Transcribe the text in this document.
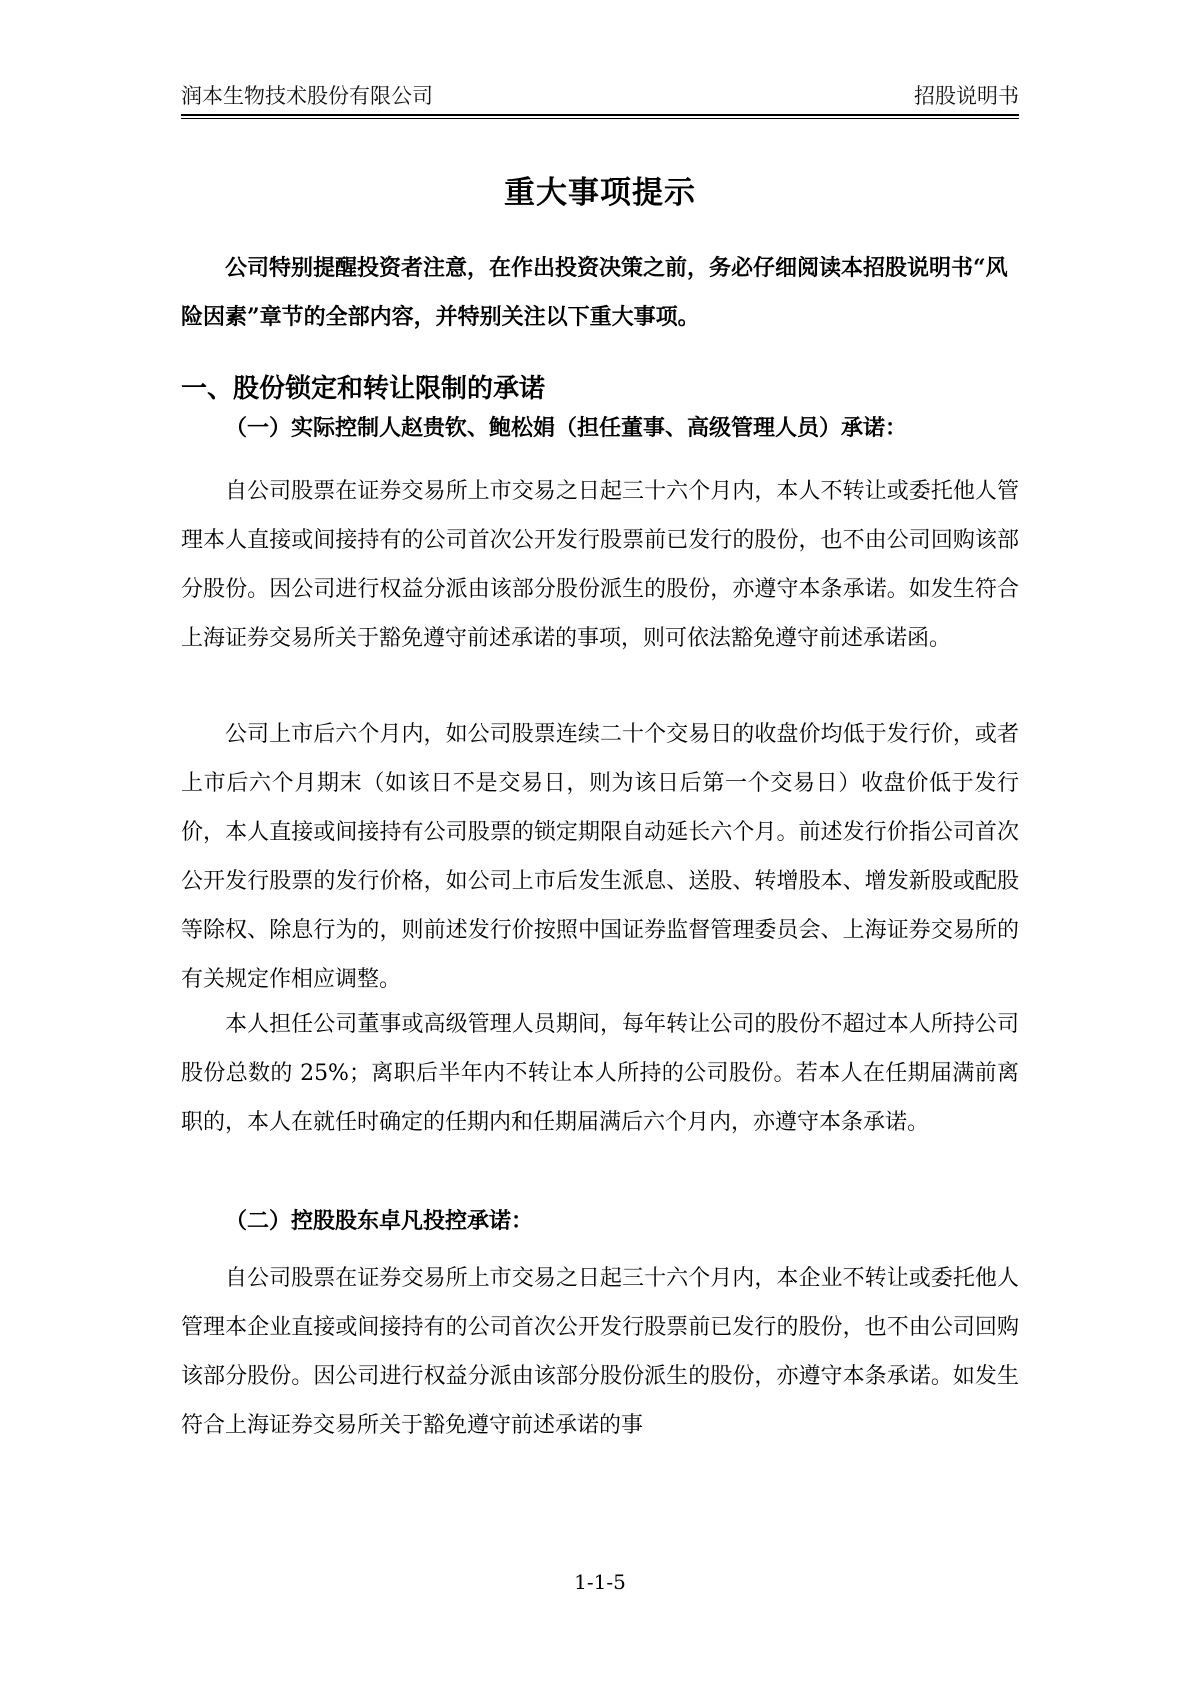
润本生物技术股份有限公司	招股说明书
重大事项提示

公司特别提醒投资者注意，在作出投资决策之前，务必仔细阅读本招股说明书“风险因素”章节的全部内容，并特别关注以下重大事项。

一、股份锁定和转让限制的承诺
（一）实际控制人赵贵钦、鲍松娟（担任董事、高级管理人员）承诺：

自公司股票在证券交易所上市交易之日起三十六个月内，本人不转让或委托他人管理本人直接或间接持有的公司首次公开发行股票前已发行的股份，也不由公司回购该部分股份。因公司进行权益分派由该部分股份派生的股份，亦遵守本条承诺。如发生符合上海证券交易所关于豁免遵守前述承诺的事项，则可依法豁免遵守前述承诺函。

公司上市后六个月内，如公司股票连续二十个交易日的收盘价均低于发行价，或者上市后六个月期末（如该日不是交易日，则为该日后第一个交易日）收盘价低于发行价，本人直接或间接持有公司股票的锁定期限自动延长六个月。前述发行价指公司首次公开发行股票的发行价格，如公司上市后发生派息、送股、转增股本、增发新股或配股等除权、除息行为的，则前述发行价按照中国证券监督管理委员会、上海证券交易所的有关规定作相应调整。

本人担任公司董事或高级管理人员期间，每年转让公司的股份不超过本人所持公司股份总数的 25%；离职后半年内不转让本人所持的公司股份。若本人在任期届满前离职的，本人在就任时确定的任期内和任期届满后六个月内，亦遵守本条承诺。

（二）控股股东卓凡投控承诺：

自公司股票在证券交易所上市交易之日起三十六个月内，本企业不转让或委托他人管理本企业直接或间接持有的公司首次公开发行股票前已发行的股份，也不由公司回购该部分股份。因公司进行权益分派由该部分股份派生的股份，亦遵守本条承诺。如发生符合上海证券交易所关于豁免遵守前述承诺的事

1-1-5
